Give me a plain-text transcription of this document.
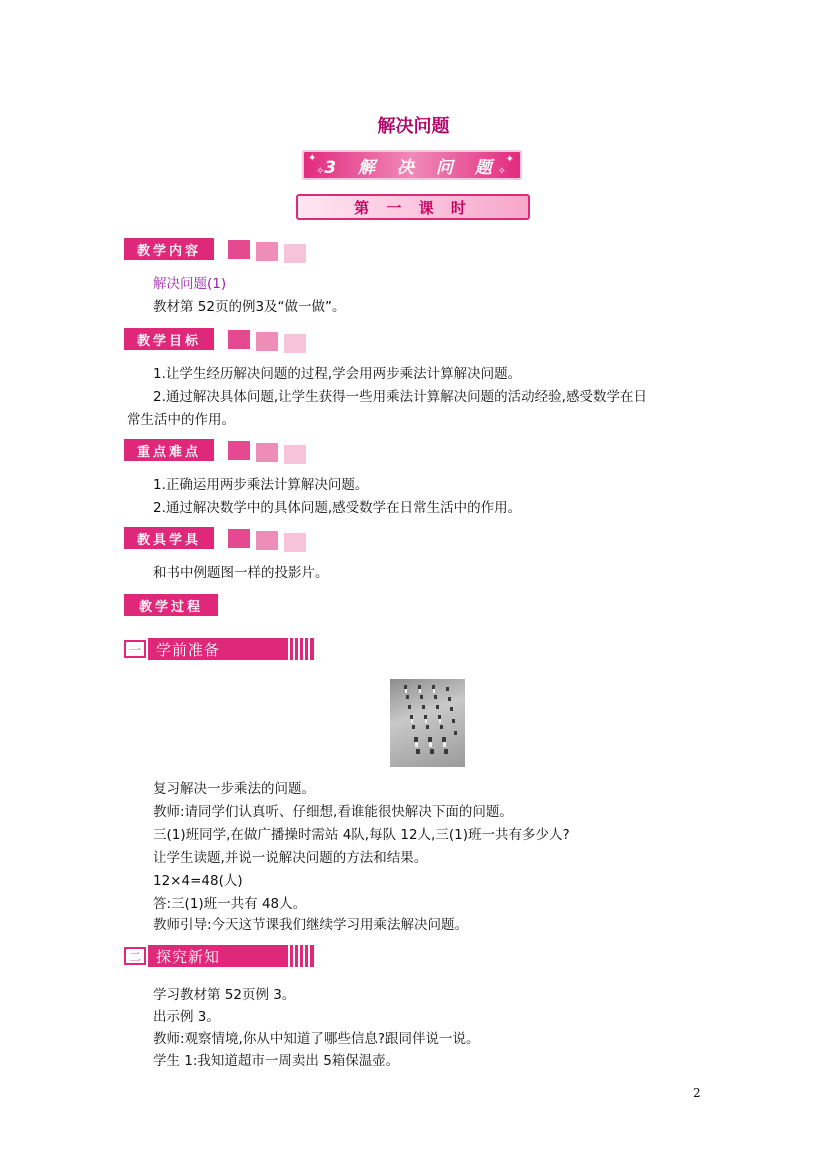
解决问题
✦
✧
✦
✧
3 解 决 问 题
第 一 课 时
教学内容
解决问题(1)
教材第 52页的例3及“做一做”。
教学目标
1.让学生经历解决问题的过程,学会用两步乘法计算解决问题。
2.通过解决具体问题,让学生获得一些用乘法计算解决问题的活动经验,感受数学在日
常生活中的作用。
重点难点
1.正确运用两步乘法计算解决问题。
2.通过解决数学中的具体问题,感受数学在日常生活中的作用。
教具学具
和书中例题图一样的投影片。
教学过程
一	学前准备
复习解决一步乘法的问题。
教师:请同学们认真听、仔细想,看谁能很快解决下面的问题。
三(1)班同学,在做广播操时需站 4队,每队 12人,三(1)班一共有多少人?
让学生读题,并说一说解决问题的方法和结果。
12×4=48(人)
答:三(1)班一共有 48人。
教师引导:今天这节课我们继续学习用乘法解决问题。
二	探究新知
学习教材第 52页例 3。
出示例 3。
教师:观察情境,你从中知道了哪些信息?跟同伴说一说。
学生 1:我知道超市一周卖出 5箱保温壶。
2
